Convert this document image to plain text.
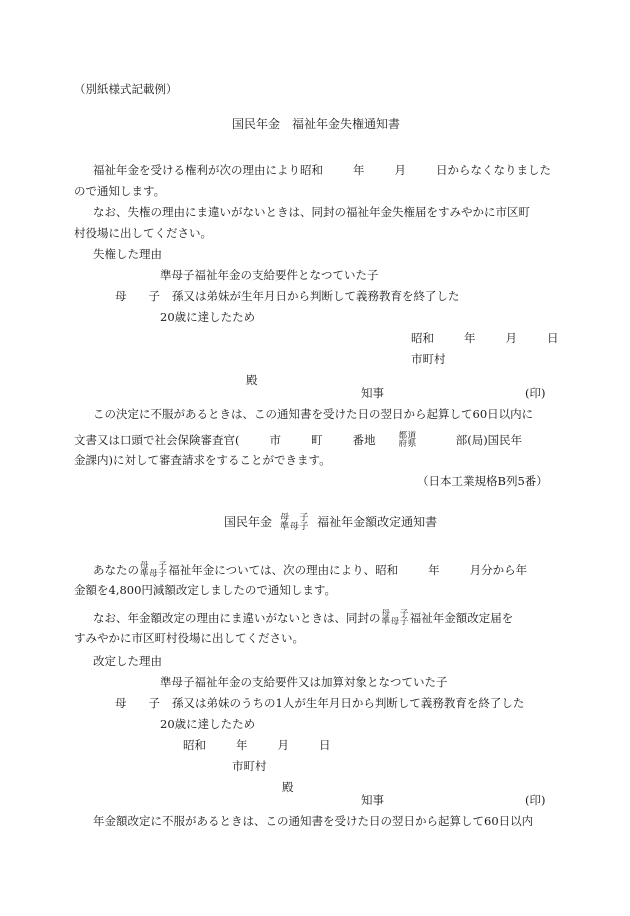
（別紙様式記載例）
国民年金 福祉年金失権通知書
福祉年金を受ける権利が次の理由により昭和	年	月	日からなくなりました
ので通知します。
なお、失権の理由にま違いがないときは、同封の福祉年金失権届をすみやかに市区町
村役場に出してください。
失権した理由
準母子福祉年金の支給要件となつていた子
母 子 孫又は弟妹が生年月日から判断して義務教育を終了した
20歳に達したため
昭和	年	月	日
市町村
殿
知事	(印)
この決定に不服があるときは、この通知書を受けた日の翌日から起算して60日以内に
文書又は口頭で社会保険審査官(	市	町	番地	都道
府県	部(局)国民年
金課内)に対して審査請求をすることができます。
（日本工業規格B列5番）
国民年金 母　子
準母子 福祉年金額改定通知書
あなたの 母　子
準母子 福祉年金については、次の理由により、昭和	年	月分から年
金額を4,800円減額改定しましたので通知します。
なお、年金額改定の理由にま違いがないときは、同封の 母　子
準母子 福祉年金額改定届を
すみやかに市区町村役場に出してください。
改定した理由
準母子福祉年金の支給要件又は加算対象となつていた子
母 子 孫又は弟妹のうちの1人が生年月日から判断して義務教育を終了した
20歳に達したため
昭和	年	月	日
市町村
殿
知事	(印)
年金額改定に不服があるときは、この通知書を受けた日の翌日から起算して60日以内
